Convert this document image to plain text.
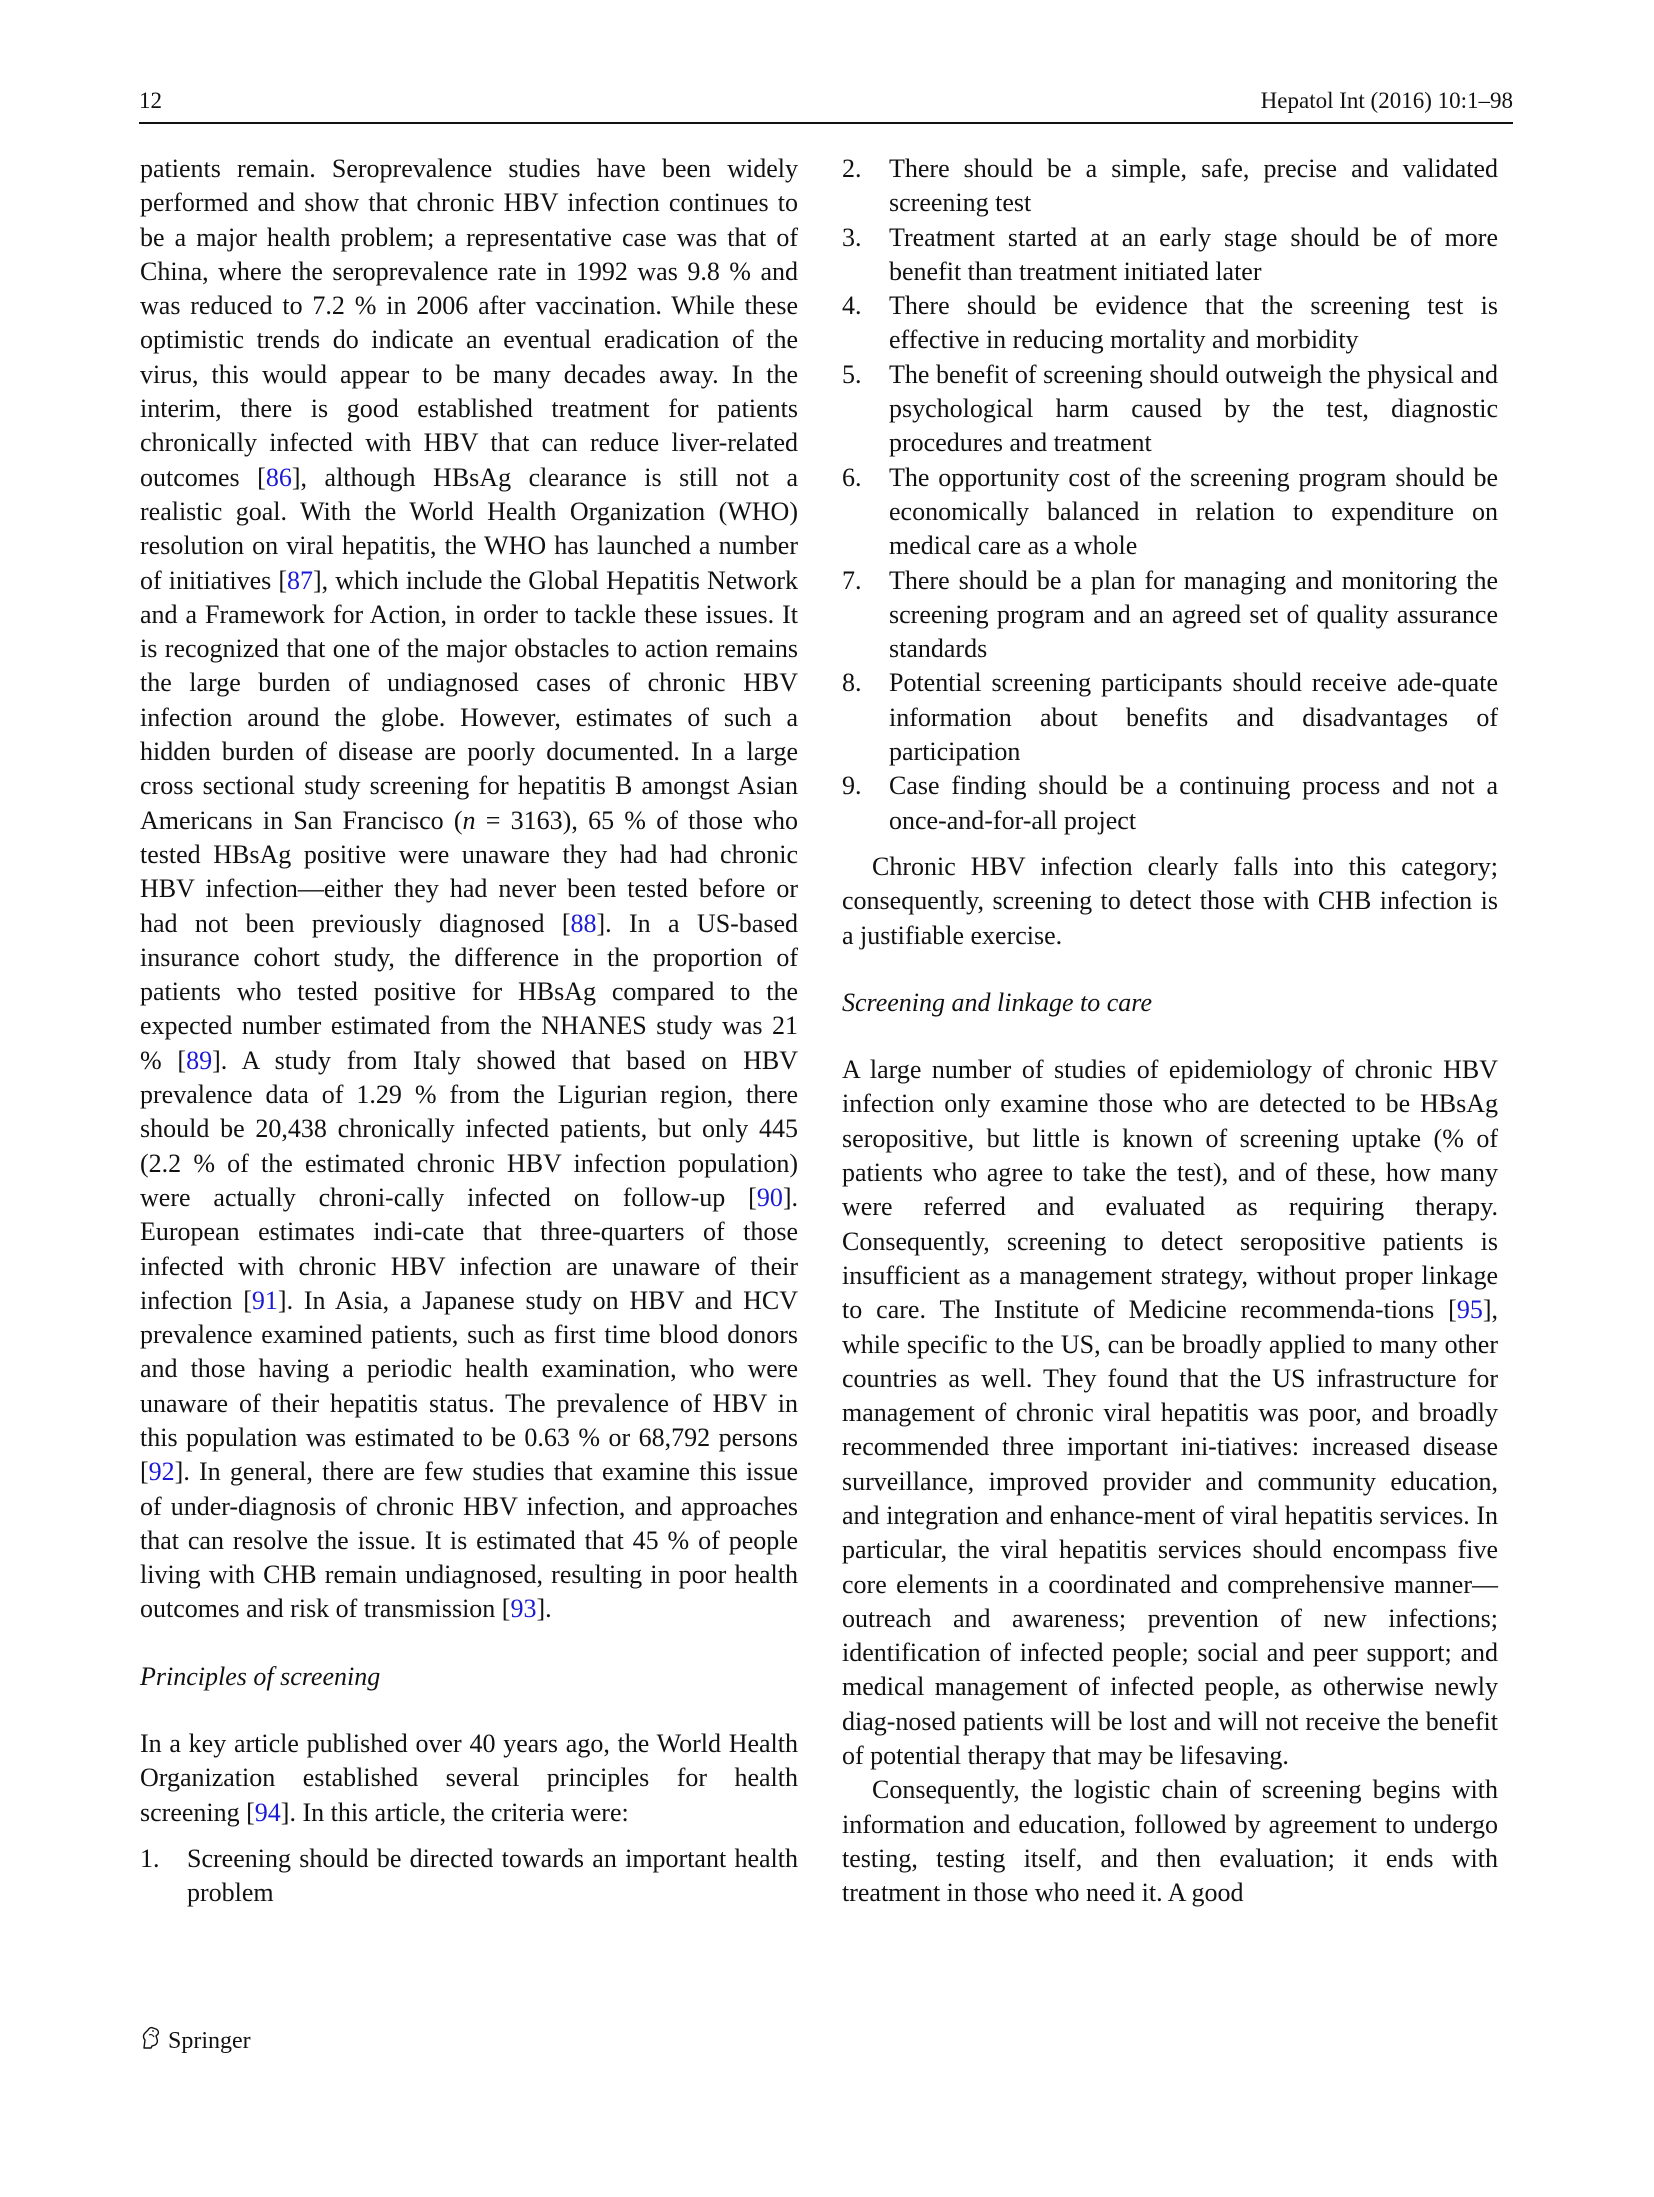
12	Hepatol Int (2016) 10:1–98

patients remain. Seroprevalence studies have been widely performed and show that chronic HBV infection continues to be a major health problem; a representative case was that of China, where the seroprevalence rate in 1992 was 9.8 % and was reduced to 7.2 % in 2006 after vaccination. While these optimistic trends do indicate an eventual eradication of the virus, this would appear to be many decades away. In the interim, there is good established treatment for patients chronically infected with HBV that can reduce liver-related outcomes [86], although HBsAg clearance is still not a realistic goal. With the World Health Organization (WHO) resolution on viral hepatitis, the WHO has launched a number of initiatives [87], which include the Global Hepatitis Network and a Framework for Action, in order to tackle these issues. It is recognized that one of the major obstacles to action remains the large burden of undiagnosed cases of chronic HBV infection around the globe. However, estimates of such a hidden burden of disease are poorly documented. In a large cross sectional study screening for hepatitis B amongst Asian Americans in San Francisco (n = 3163), 65 % of those who tested HBsAg positive were unaware they had had chronic HBV infection—either they had never been tested before or had not been previously diagnosed [88]. In a US-based insurance cohort study, the difference in the proportion of patients who tested positive for HBsAg compared to the expected number estimated from the NHANES study was 21 % [89]. A study from Italy showed that based on HBV prevalence data of 1.29 % from the Ligurian region, there should be 20,438 chronically infected patients, but only 445 (2.2 % of the estimated chronic HBV infection population) were actually chroni-cally infected on follow-up [90]. European estimates indi-cate that three-quarters of those infected with chronic HBV infection are unaware of their infection [91]. In Asia, a Japanese study on HBV and HCV prevalence examined patients, such as first time blood donors and those having a periodic health examination, who were unaware of their hepatitis status. The prevalence of HBV in this population was estimated to be 0.63 % or 68,792 persons [92]. In general, there are few studies that examine this issue of under-diagnosis of chronic HBV infection, and approaches that can resolve the issue. It is estimated that 45 % of people living with CHB remain undiagnosed, resulting in poor health outcomes and risk of transmission [93].

Principles of screening

In a key article published over 40 years ago, the World Health Organization established several principles for health screening [94]. In this article, the criteria were:

1. Screening should be directed towards an important health problem
2. There should be a simple, safe, precise and validated screening test
3. Treatment started at an early stage should be of more benefit than treatment initiated later
4. There should be evidence that the screening test is effective in reducing mortality and morbidity
5. The benefit of screening should outweigh the physical and psychological harm caused by the test, diagnostic procedures and treatment
6. The opportunity cost of the screening program should be economically balanced in relation to expenditure on medical care as a whole
7. There should be a plan for managing and monitoring the screening program and an agreed set of quality assurance standards
8. Potential screening participants should receive ade-quate information about benefits and disadvantages of participation
9. Case finding should be a continuing process and not a once-and-for-all project

Chronic HBV infection clearly falls into this category; consequently, screening to detect those with CHB infection is a justifiable exercise.

Screening and linkage to care

A large number of studies of epidemiology of chronic HBV infection only examine those who are detected to be HBsAg seropositive, but little is known of screening uptake (% of patients who agree to take the test), and of these, how many were referred and evaluated as requiring therapy. Consequently, screening to detect seropositive patients is insufficient as a management strategy, without proper linkage to care. The Institute of Medicine recommenda-tions [95], while specific to the US, can be broadly applied to many other countries as well. They found that the US infrastructure for management of chronic viral hepatitis was poor, and broadly recommended three important ini-tiatives: increased disease surveillance, improved provider and community education, and integration and enhance-ment of viral hepatitis services. In particular, the viral hepatitis services should encompass five core elements in a coordinated and comprehensive manner—outreach and awareness; prevention of new infections; identification of infected people; social and peer support; and medical management of infected people, as otherwise newly diag-nosed patients will be lost and will not receive the benefit of potential therapy that may be lifesaving.

Consequently, the logistic chain of screening begins with information and education, followed by agreement to undergo testing, testing itself, and then evaluation; it ends with treatment in those who need it. A good

Springer
